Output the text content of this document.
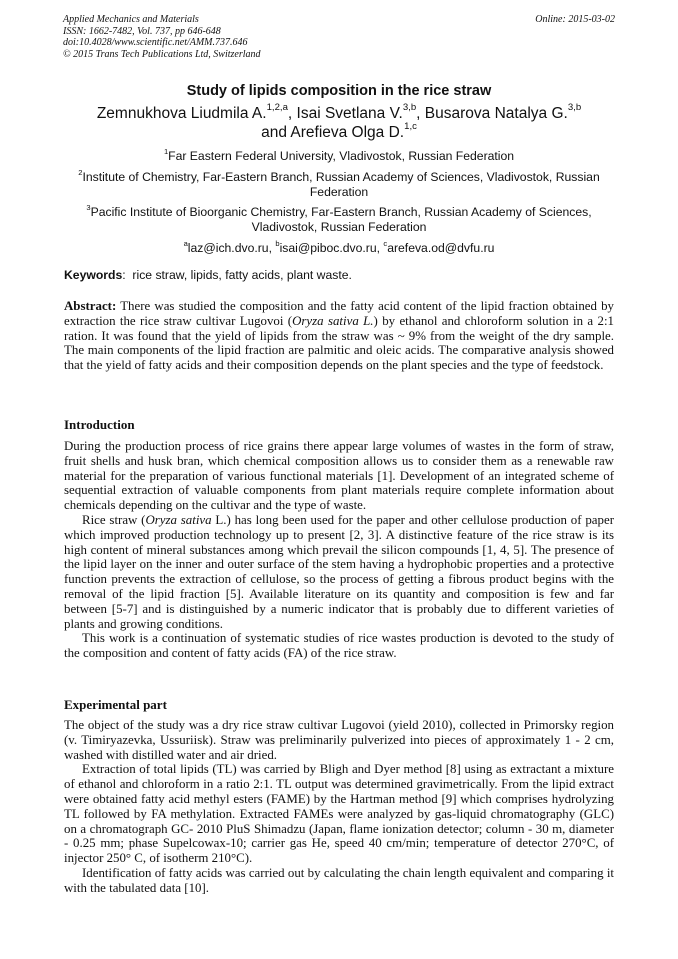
Applied Mechanics and Materials
ISSN: 1662-7482, Vol. 737, pp 646-648
doi:10.4028/www.scientific.net/AMM.737.646
© 2015 Trans Tech Publications Ltd, Switzerland
Online: 2015-03-02
Study of lipids composition in the rice straw
Zemnukhova Liudmila A.$^{1,2,a}$, Isai Svetlana V.$^{3,b}$, Busarova Natalya G.$^{3,b}$
and Arefieva Olga D.$^{1,c}$
$^1$Far Eastern Federal University, Vladivostok, Russian Federation
$^2$Institute of Chemistry, Far-Eastern Branch, Russian Academy of Sciences, Vladivostok, Russian Federation
$^3$Pacific Institute of Bioorganic Chemistry, Far-Eastern Branch, Russian Academy of Sciences, Vladivostok, Russian Federation
$^a$laz@ich.dvo.ru, $^b$isai@piboc.dvo.ru, $^c$arefeva.od@dvfu.ru
Keywords:  rice straw, lipids, fatty acids, plant waste.

Abstract: There was studied the composition and the fatty acid content of the lipid fraction obtained by extraction the rice straw cultivar Lugovoi (Oryza sativa L.) by ethanol and chloroform solution in a 2:1 ration. It was found that the yield of lipids from the straw was ~ 9% from the weight of the dry sample. The main components of the lipid fraction are palmitic and oleic acids. The comparative analysis showed that the yield of fatty acids and their composition depends on the plant species and the type of feedstock.

Introduction

During the production process of rice grains there appear large volumes of wastes in the form of straw, fruit shells and husk bran, which chemical composition allows us to consider them as a renewable raw material for the preparation of various functional materials [1]. Development of an integrated scheme of sequential extraction of valuable components from plant materials require complete information about chemicals depending on the cultivar and the type of waste.

Rice straw (Oryza sativa L.) has long been used for the paper and other cellulose production of paper which improved production technology up to present [2, 3]. A distinctive feature of the rice straw is its high content of mineral substances among which prevail the silicon compounds [1, 4, 5]. The presence of the lipid layer on the inner and outer surface of the stem having a hydrophobic properties and a protective function prevents the extraction of cellulose, so the process of getting a fibrous product begins with the removal of the lipid fraction [5]. Available literature on its quantity and composition is few and far between [5-7] and is distinguished by a numeric indicator that is probably due to different varieties of plants and growing conditions.

This work is a continuation of systematic studies of rice wastes production is devoted to the study of the composition and content of fatty acids (FA) of the rice straw.

Experimental part

The object of the study was a dry rice straw cultivar Lugovoi (yield 2010), collected in Primorsky region (v. Timiryazevka, Ussuriisk). Straw was preliminarily pulverized into pieces of approximately 1 - 2 cm, washed with distilled water and air dried.

Extraction of total lipids (TL) was carried by Bligh and Dyer method [8] using as extractant a mixture of ethanol and chloroform in a ratio 2:1. TL output was determined gravimetrically. From the lipid extract were obtained fatty acid methyl esters (FAME) by the Hartman method [9] which comprises hydrolyzing TL followed by FA methylation. Extracted FAMEs were analyzed by gas-liquid chromatography (GLC) on a chromatograph GC- 2010 PluS Shimadzu (Japan, flame ionization detector; column - 30 m, diameter - 0.25 mm; phase Supelcowax-10; carrier gas He, speed 40 cm/min; temperature of detector 270°C, of injector 250° C, of isotherm 210°C).

Identification of fatty acids was carried out by calculating the chain length equivalent and comparing it with the tabulated data [10].
